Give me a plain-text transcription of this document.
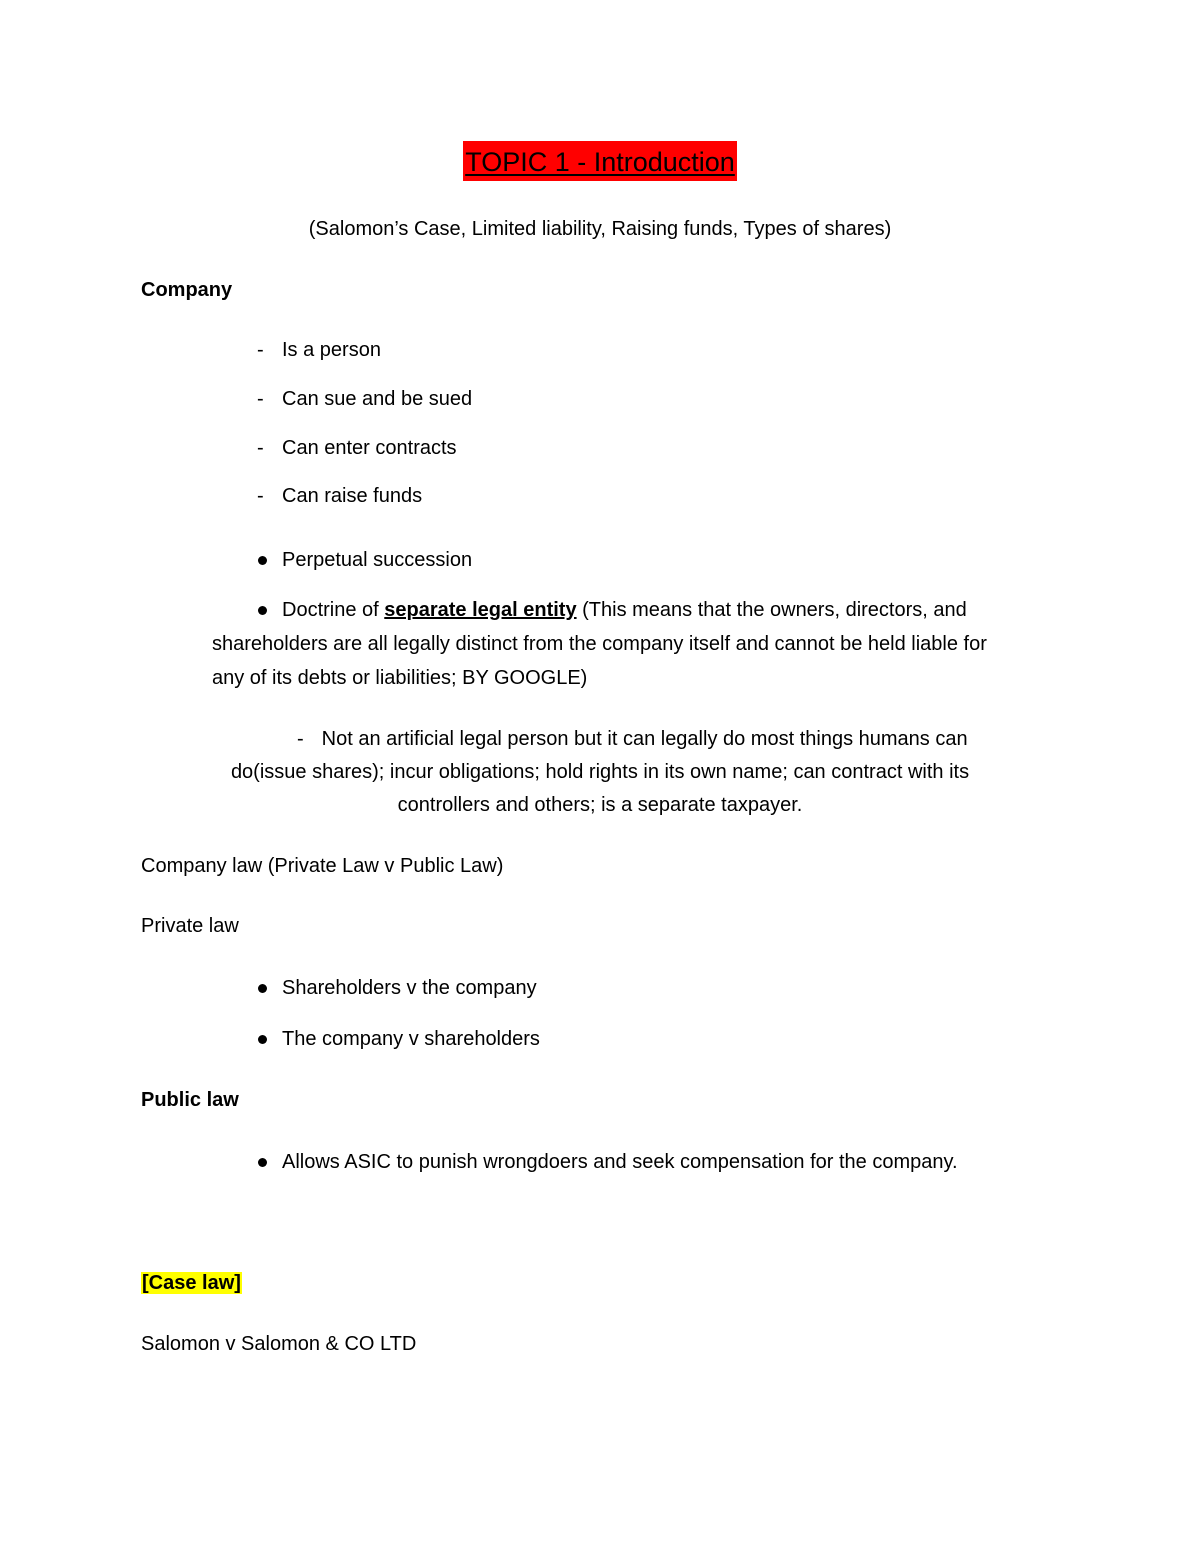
TOPIC 1 - Introduction
(Salomon’s Case, Limited liability, Raising funds, Types of shares)
Company
- Is a person
- Can sue and be sued
- Can enter contracts
- Can raise funds
Perpetual succession
Doctrine of separate legal entity (This means that the owners, directors, and
shareholders are all legally distinct from the company itself and cannot be held liable for
any of its debts or liabilities; BY GOOGLE)
- Not an artificial legal person but it can legally do most things humans can
do(issue shares); incur obligations; hold rights in its own name; can contract with its
controllers and others; is a separate taxpayer.
Company law (Private Law v Public Law)
Private law
Shareholders v the company
The company v shareholders
Public law
Allows ASIC to punish wrongdoers and seek compensation for the company.
[Case law]
Salomon v Salomon & CO LTD
